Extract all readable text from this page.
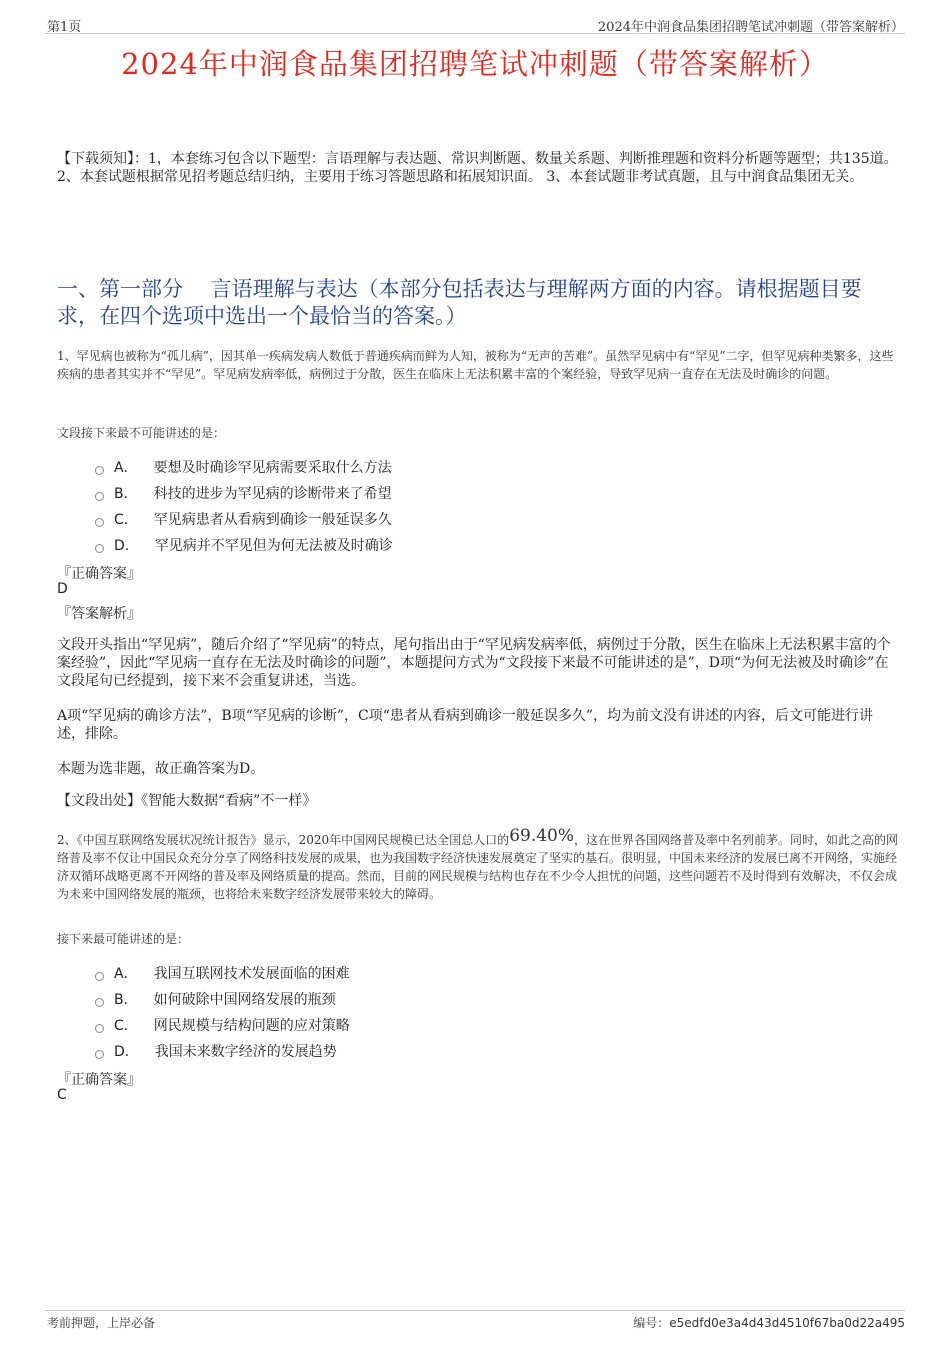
第1页	2024年中润食品集团招聘笔试冲刺题（带答案解析）
2024年中润食品集团招聘笔试冲刺题（带答案解析）
【下载须知】：1，本套练习包含以下题型：言语理解与表达题、常识判断题、数量关系题、判断推理题和资料分析题等题型；共135道。 2、本套试题根据常见招考题总结归纳，主要用于练习答题思路和拓展知识面。 3、本套试题非考试真题，且与中润食品集团无关。
一、第一部分　 言语理解与表达（本部分包括表达与理解两方面的内容。请根据题目要求，在四个选项中选出一个最恰当的答案。）
1、罕见病也被称为“孤儿病”，因其单一疾病发病人数低于普通疾病而鲜为人知，被称为“无声的苦难”。虽然罕见病中有“罕见”二字，但罕见病种类繁多，这些疾病的患者其实并不“罕见”。罕见病发病率低，病例过于分散，医生在临床上无法积累丰富的个案经验，导致罕见病一直存在无法及时确诊的问题。
文段接下来最不可能讲述的是：
A． 要想及时确诊罕见病需要采取什么方法
B． 科技的进步为罕见病的诊断带来了希望
C． 罕见病患者从看病到确诊一般延误多久
D． 罕见病并不罕见但为何无法被及时确诊
『正确答案』
D
『答案解析』
文段开头指出“罕见病”，随后介绍了“罕见病”的特点，尾句指出由于“罕见病发病率低，病例过于分散，医生在临床上无法积累丰富的个案经验”，因此“罕见病一直存在无法及时确诊的问题”，本题提问方式为“文段接下来最不可能讲述的是”，D项“为何无法被及时确诊”在文段尾句已经提到，接下来不会重复讲述，当选。
A项“罕见病的确诊方法”，B项“罕见病的诊断”，C项“患者从看病到确诊一般延误多久”，均为前文没有讲述的内容，后文可能进行讲述，排除。
本题为选非题，故正确答案为D。
【文段出处】《智能大数据“看病”不一样》
2、《中国互联网络发展状况统计报告》显示，2020年中国网民规模已达全国总人口的69.40%，这在世界各国网络普及率中名列前茅。同时，如此之高的网络普及率不仅让中国民众充分分享了网络科技发展的成果，也为我国数字经济快速发展奠定了坚实的基石。很明显，中国未来经济的发展已离不开网络，实施经济双循环战略更离不开网络的普及率及网络质量的提高。然而，目前的网民规模与结构也存在不少令人担忧的问题，这些问题若不及时得到有效解决，不仅会成为未来中国网络发展的瓶颈，也将给未来数字经济发展带来较大的障碍。
接下来最可能讲述的是：
A． 我国互联网技术发展面临的困难
B． 如何破除中国网络发展的瓶颈
C． 网民规模与结构问题的应对策略
D． 我国未来数字经济的发展趋势
『正确答案』
C
考前押题，上岸必备	编号：e5edfd0e3a4d43d4510f67ba0d22a495
